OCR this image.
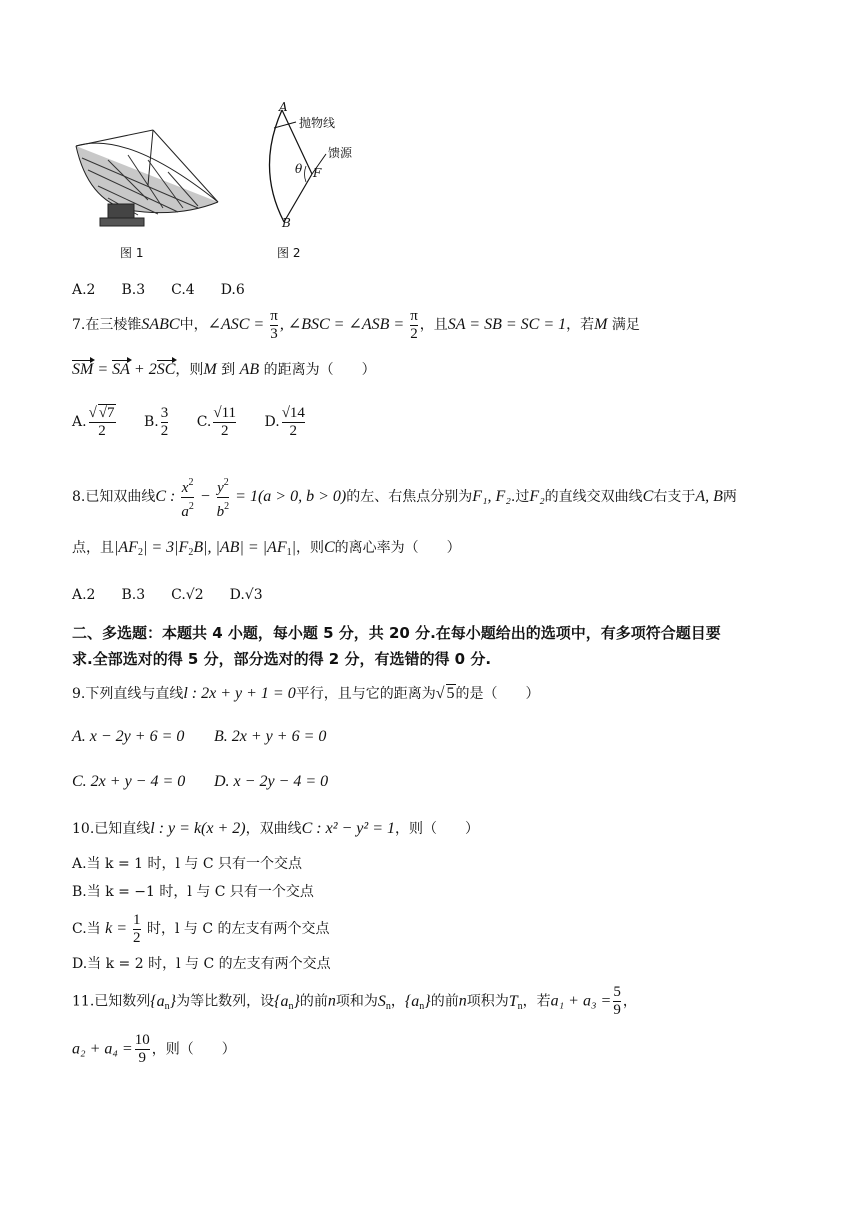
图 1
A
B
F
θ
抛物线
馈源
图 2
A.2 B.3 C.4 D.6
7.在三棱锥SABC中，∠ASC = $\frac{\pi}{3}$ , ∠BSC = ∠ASB = $\frac{\pi}{2}$ ，且SA = SB = SC = 1，若M 满足
SM = SA + 2SC，则M 到 AB 的距离为（　　）
A. $\frac{√ √7}{2} B$. $\frac{3}{2} C$. $\frac{√11}{2} D$. $\frac{√14}{2}$
8.已知双曲线C : $\frac{x^2}{a^2} - \frac{y^2}{b^2} = 1(a > 0$, b > 0)的左、右焦点分别为F₁, F₂.过F₂的直线交双曲线C右支于A, B两
点，且$|AF_2| = 3|F_2B|$, $|AB| = |AF_1|$，则C的离心率为（　　）
A.2 B.3 C.√2 D.√3
二、多选题：本题共 4 小题，每小题 5 分，共 20 分.在每小题给出的选项中，有多项符合题目要
求.全部选对的得 5 分，部分选对的得 2 分，有选错的得 0 分.
9.下列直线与直线l : 2x + y + 1 = 0平行，且与它的距离为√ 5的是（　　）
A. x − 2y + 6 = 0 B. 2x + y + 6 = 0
C. 2x + y − 4 = 0 D. x − 2y − 4 = 0
10.已知直线l : y = k(x + 2)，双曲线C : x² − y² = 1，则（　　）
A.当 k = 1 时，l 与 C 只有一个交点
B.当 k = −1 时，l 与 C 只有一个交点
C.当 $k = \frac{1}{2}$ 时，l 与 C 的左支有两个交点
D.当 k = 2 时，l 与 C 的左支有两个交点
11.已知数列$\{a_n\}$为等比数列，设$\{a_n\}$的前n项和为$S_n$，$\{a_n\}$的前n项积为$T_n$，若$a_1 + a_3 = \frac{5}{9}$ ，
$a_2 + a_4 = \frac{10}{9}$ ，则（　　）
